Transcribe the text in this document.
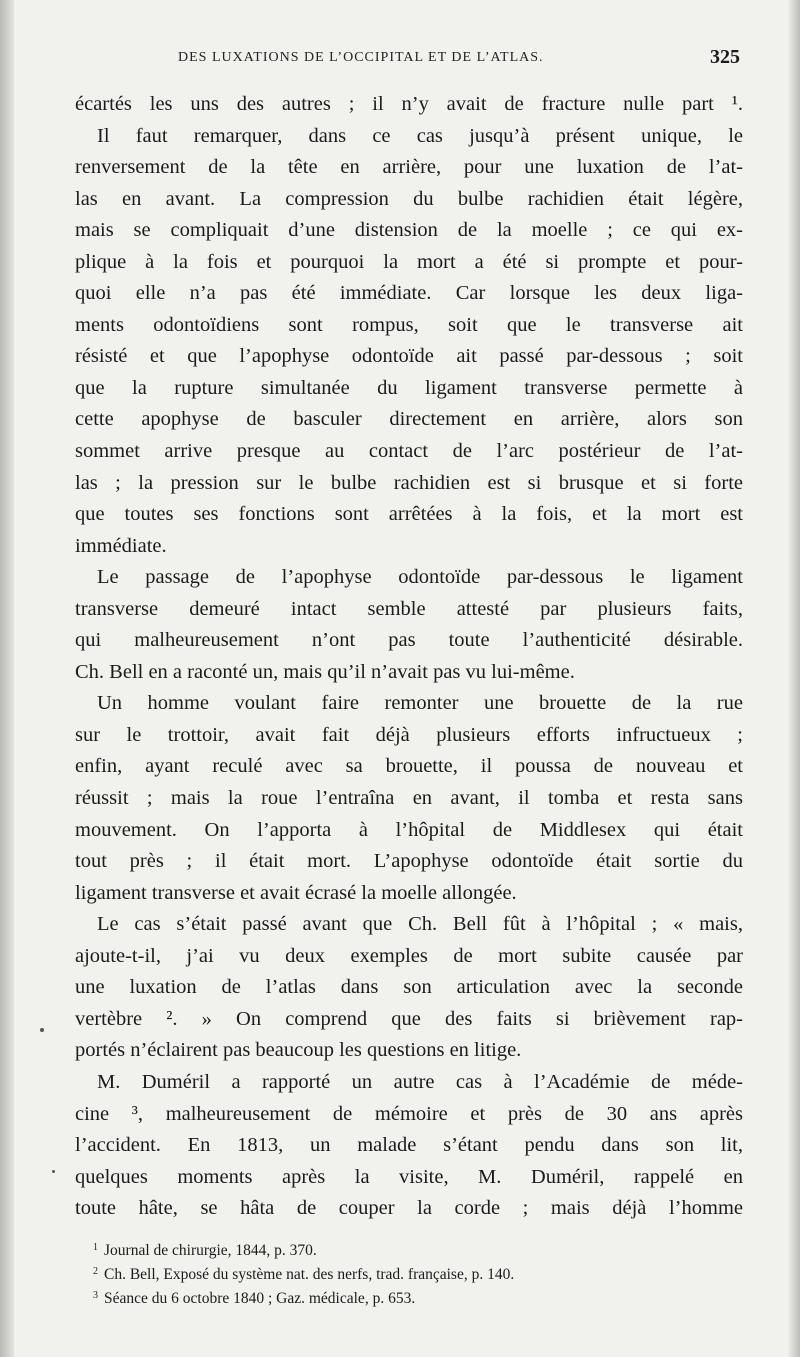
DES LUXATIONS DE L’OCCIPITAL ET DE L’ATLAS.	325
écartés les uns des autres ; il n’y avait de fracture nulle part ¹.
Il faut remarquer, dans ce cas jusqu’à présent unique, le
renversement de la tête en arrière, pour une luxation de l’at-
las en avant. La compression du bulbe rachidien était légère,
mais se compliquait d’une distension de la moelle ; ce qui ex-
plique à la fois et pourquoi la mort a été si prompte et pour-
quoi elle n’a pas été immédiate. Car lorsque les deux liga-
ments odontoïdiens sont rompus, soit que le transverse ait
résisté et que l’apophyse odontoïde ait passé par-dessous ; soit
que la rupture simultanée du ligament transverse permette à
cette apophyse de basculer directement en arrière, alors son
sommet arrive presque au contact de l’arc postérieur de l’at-
las ; la pression sur le bulbe rachidien est si brusque et si forte
que toutes ses fonctions sont arrêtées à la fois, et la mort est
immédiate.
Le passage de l’apophyse odontoïde par-dessous le ligament
transverse demeuré intact semble attesté par plusieurs faits,
qui malheureusement n’ont pas toute l’authenticité désirable.
Ch. Bell en a raconté un, mais qu’il n’avait pas vu lui-même.
Un homme voulant faire remonter une brouette de la rue
sur le trottoir, avait fait déjà plusieurs efforts infructueux ;
enfin, ayant reculé avec sa brouette, il poussa de nouveau et
réussit ; mais la roue l’entraîna en avant, il tomba et resta sans
mouvement. On l’apporta à l’hôpital de Middlesex qui était
tout près ; il était mort. L’apophyse odontoïde était sortie du
ligament transverse et avait écrasé la moelle allongée.
Le cas s’était passé avant que Ch. Bell fût à l’hôpital ; « mais,
ajoute-t-il, j’ai vu deux exemples de mort subite causée par
une luxation de l’atlas dans son articulation avec la seconde
vertèbre ². » On comprend que des faits si brièvement rap-
portés n’éclairent pas beaucoup les questions en litige.
M. Duméril a rapporté un autre cas à l’Académie de méde-
cine ³, malheureusement de mémoire et près de 30 ans après
l’accident. En 1813, un malade s’étant pendu dans son lit,
quelques moments après la visite, M. Duméril, rappelé en
toute hâte, se hâta de couper la corde ; mais déjà l’homme
$^1$ Journal de chirurgie, 1844, p. 370.
$^2$ Ch. Bell, Exposé du système nat. des nerfs, trad. française, p. 140.
$^3$ Séance du 6 octobre 1840 ; Gaz. médicale, p. 653.
